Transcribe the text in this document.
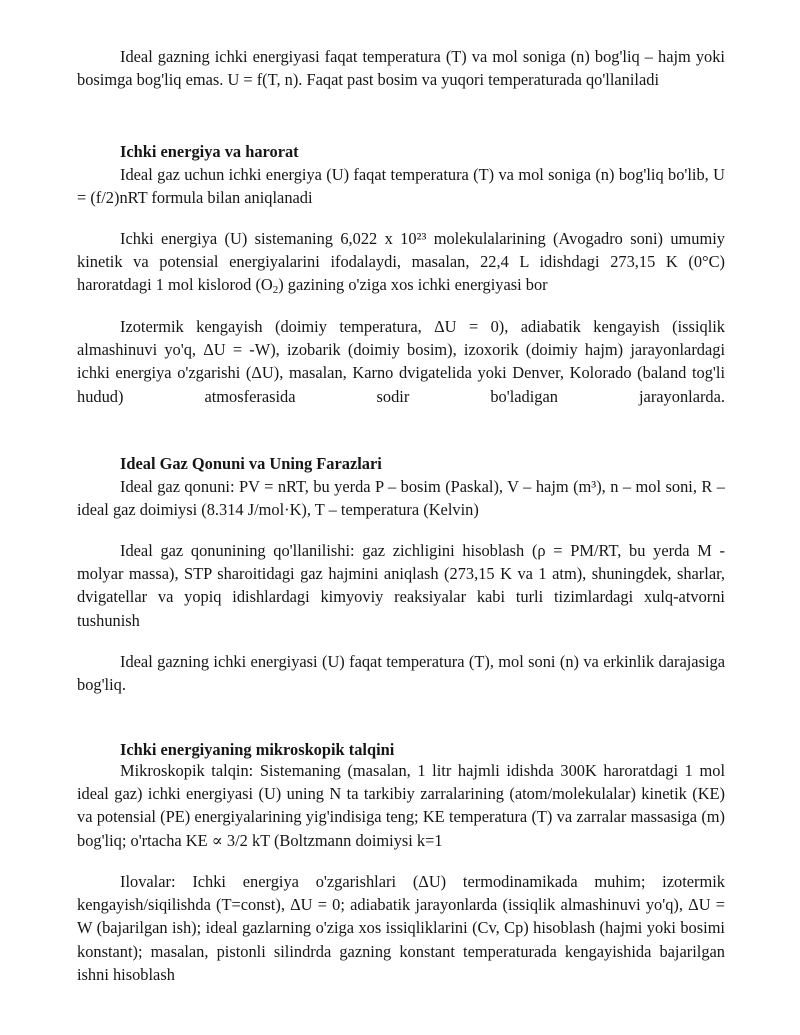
Ideal gazning ichki energiyasi faqat temperatura (T) va mol soniga (n) bog'liq – hajm yoki bosimga bog'liq emas. U = f(T, n). Faqat past bosim va yuqori temperaturada qo'llaniladi

Ichki energiya va harorat

Ideal gaz uchun ichki energiya (U) faqat temperatura (T) va mol soniga (n) bog'liq bo'lib, U = (f/2)nRT formula bilan aniqlanadi

Ichki energiya (U) sistemaning 6,022 x 10²³ molekulalarining (Avogadro soni) umumiy kinetik va potensial energiyalarini ifodalaydi, masalan, 22,4 L idishdagi 273,15 K (0°C) haroratdagi 1 mol kislorod $(O_2)$ gazining o'ziga xos ichki energiyasi bor

Izotermik kengayish (doimiy temperatura, ΔU = 0), adiabatik kengayish (issiqlik almashinuvi yo'q, ΔU = -W), izobarik (doimiy bosim), izoxorik (doimiy hajm) jarayonlardagi ichki energiya o'zgarishi (ΔU), masalan, Karno dvigatelida yoki Denver, Kolorado (baland tog'li hudud) atmosferasida sodir bo'ladigan jarayonlarda.

Ideal Gaz Qonuni va Uning Farazlari

Ideal gaz qonuni: PV = nRT, bu yerda P – bosim (Paskal), V – hajm (m³), n – mol soni, R – ideal gaz doimiysi (8.314 J/mol·K), T – temperatura (Kelvin)

Ideal gaz qonunining qo'llanilishi: gaz zichligini hisoblash (ρ = PM/RT, bu yerda M - molyar massa), STP sharoitidagi gaz hajmini aniqlash (273,15 K va 1 atm), shuningdek, sharlar, dvigatellar va yopiq idishlardagi kimyoviy reaksiyalar kabi turli tizimlardagi xulq-atvorni tushunish

Ideal gazning ichki energiyasi (U) faqat temperatura (T), mol soni (n) va erkinlik darajasiga bog'liq.

Ichki energiyaning mikroskopik talqini

Mikroskopik talqin: Sistemaning (masalan, 1 litr hajmli idishda 300K haroratdagi 1 mol ideal gaz) ichki energiyasi (U) uning N ta tarkibiy zarralarining (atom/molekulalar) kinetik (KE) va potensial (PE) energiyalarining yig'indisiga teng; KE temperatura (T) va zarralar massasiga (m) bog'liq; o'rtacha KE ∝ 3/2 kT (Boltzmann doimiysi k=1

Ilovalar: Ichki energiya o'zgarishlari (ΔU) termodinamikada muhim; izotermik kengayish/siqilishda (T=const), ΔU = 0; adiabatik jarayonlarda (issiqlik almashinuvi yo'q), ΔU = W (bajarilgan ish); ideal gazlarning o'ziga xos issiqliklarini (Cv, Cp) hisoblash (hajmi yoki bosimi konstant); masalan, pistonli silindrda gazning konstant temperaturada kengayishida bajarilgan ishni hisoblash
